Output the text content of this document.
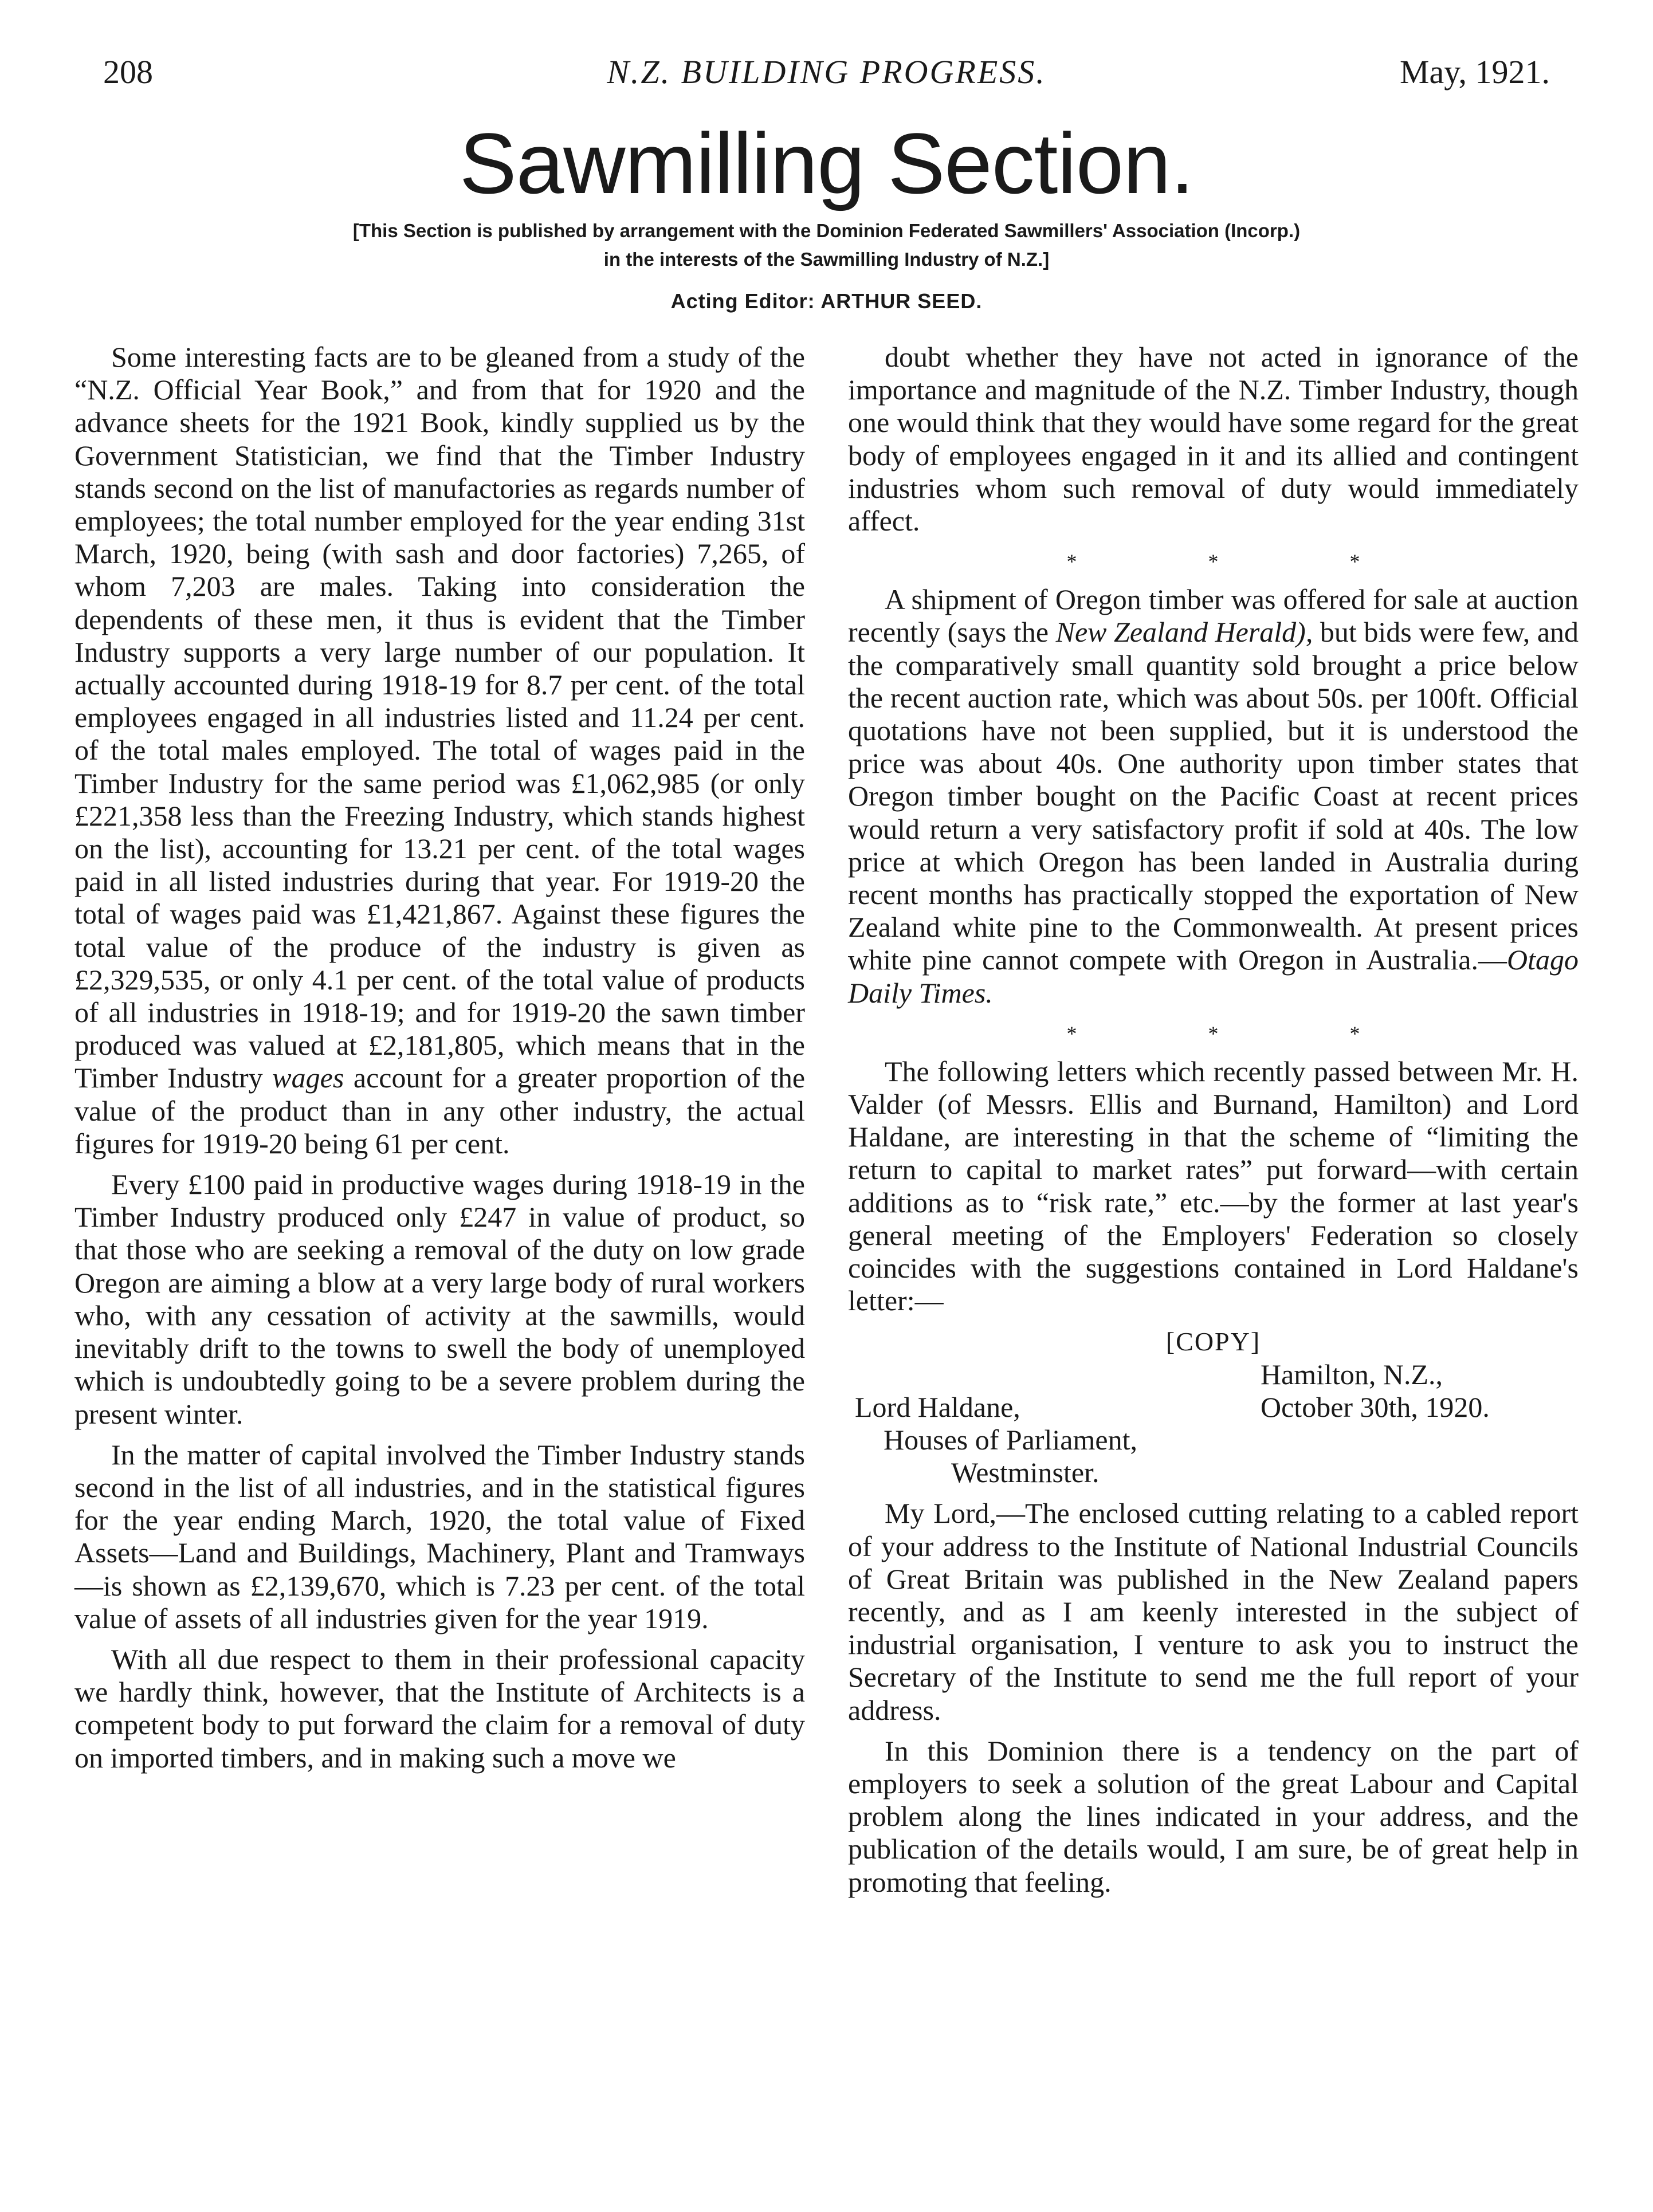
208	N.Z. BUILDING PROGRESS.	May, 1921.
Sawmilling Section.
[This Section is published by arrangement with the Dominion Federated Sawmillers' Association (Incorp.)
in the interests of the Sawmilling Industry of N.Z.]
Acting Editor: ARTHUR SEED.

Some interesting facts are to be gleaned from a study of the “N.Z. Official Year Book,” and from that for 1920 and the advance sheets for the 1921 Book, kindly supplied us by the Government Statistician, we find that the Timber Industry stands second on the list of manufactories as regards number of employees; the total number employed for the year ending 31st March, 1920, being (with sash and door factories) 7,265, of whom 7,203 are males. Taking into consideration the dependents of these men, it thus is evident that the Timber Industry supports a very large number of our population. It actually accounted during 1918-19 for 8.7 per cent. of the total employees engaged in all industries listed and 11.24 per cent. of the total males employed. The total of wages paid in the Timber Industry for the same period was £1,062,985 (or only £221,358 less than the Freezing Industry, which stands highest on the list), accounting for 13.21 per cent. of the total wages paid in all listed industries during that year. For 1919-20 the total of wages paid was £1,421,867. Against these figures the total value of the produce of the industry is given as £2,329,535, or only 4.1 per cent. of the total value of products of all industries in 1918-19; and for 1919-20 the sawn timber produced was valued at £2,181,805, which means that in the Timber Industry wages account for a greater proportion of the value of the product than in any other industry, the actual figures for 1919-20 being 61 per cent.

Every £100 paid in productive wages during 1918-19 in the Timber Industry produced only £247 in value of product, so that those who are seeking a removal of the duty on low grade Oregon are aiming a blow at a very large body of rural workers who, with any cessation of activity at the sawmills, would inevitably drift to the towns to swell the body of unemployed which is undoubtedly going to be a severe problem during the present winter.

In the matter of capital involved the Timber Industry stands second in the list of all industries, and in the statistical figures for the year ending March, 1920, the total value of Fixed Assets—Land and Buildings, Machinery, Plant and Tramways—is shown as £2,139,670, which is 7.23 per cent. of the total value of assets of all industries given for the year 1919.

With all due respect to them in their professional capacity we hardly think, however, that the Institute of Architects is a competent body to put forward the claim for a removal of duty on imported timbers, and in making such a move we

doubt whether they have not acted in ignorance of the importance and magnitude of the N.Z. Timber Industry, though one would think that they would have some regard for the great body of employees engaged in it and its allied and contingent industries whom such removal of duty would immediately affect.

* * *

A shipment of Oregon timber was offered for sale at auction recently (says the New Zealand Herald), but bids were few, and the comparatively small quantity sold brought a price below the recent auction rate, which was about 50s. per 100ft. Official quotations have not been supplied, but it is understood the price was about 40s. One authority upon timber states that Oregon timber bought on the Pacific Coast at recent prices would return a very satisfactory profit if sold at 40s. The low price at which Oregon has been landed in Australia during recent months has practically stopped the exportation of New Zealand white pine to the Commonwealth. At present prices white pine cannot compete with Oregon in Australia.—Otago Daily Times.

* * *

The following letters which recently passed between Mr. H. Valder (of Messrs. Ellis and Burnand, Hamilton) and Lord Haldane, are interesting in that the scheme of “limiting the return to capital to market rates” put forward—with certain additions as to “risk rate,” etc.—by the former at last year's general meeting of the Employers' Federation so closely coincides with the suggestions contained in Lord Haldane's letter:—

[COPY]
Hamilton, N.Z.,
Lord Haldane,	October 30th, 1920.
Houses of Parliament,
Westminster.

My Lord,—The enclosed cutting relating to a cabled report of your address to the Institute of National Industrial Councils of Great Britain was published in the New Zealand papers recently, and as I am keenly interested in the subject of industrial organisation, I venture to ask you to instruct the Secretary of the Institute to send me the full report of your address.

In this Dominion there is a tendency on the part of employers to seek a solution of the great Labour and Capital problem along the lines indicated in your address, and the publication of the details would, I am sure, be of great help in promoting that feeling.
